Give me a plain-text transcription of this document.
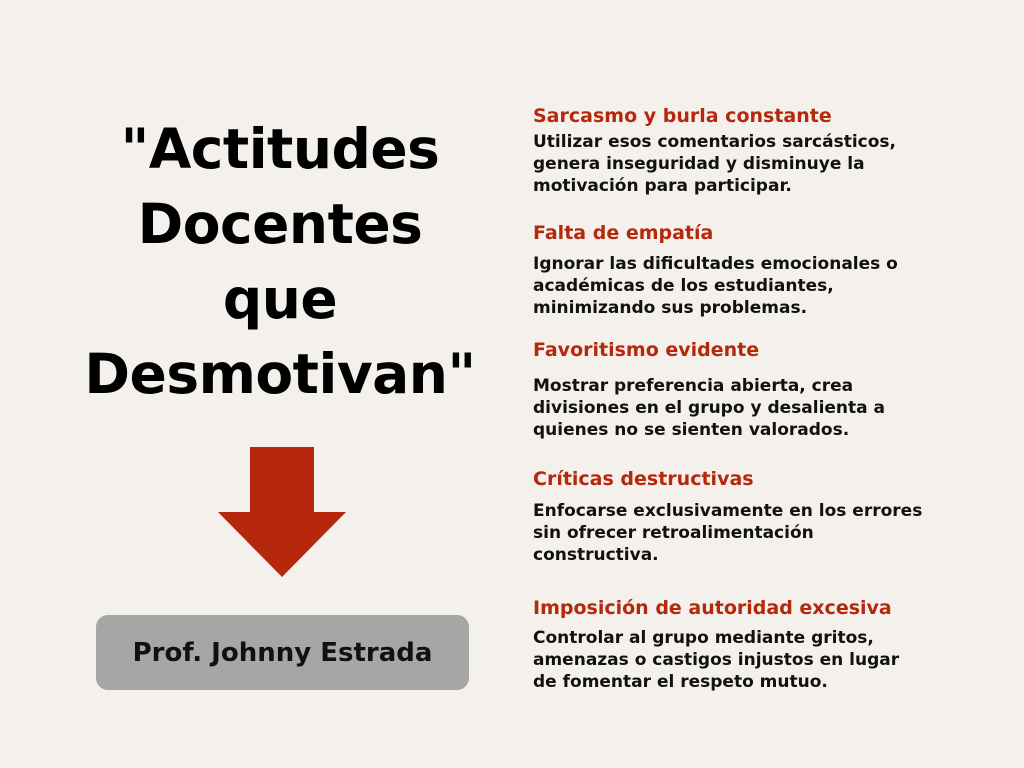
"Actitudes
Docentes
que
Desmotivan"
Prof. Johnny Estrada
Sarcasmo y burla constante

Utilizar esos comentarios sarcásticos,
genera inseguridad y disminuye la
motivación para participar.

Falta de empatía

Ignorar las dificultades emocionales o
académicas de los estudiantes,
minimizando sus problemas.

Favoritismo evidente

Mostrar preferencia abierta, crea
divisiones en el grupo y desalienta a
quienes no se sienten valorados.

Críticas destructivas

Enfocarse exclusivamente en los errores
sin ofrecer retroalimentación
constructiva.

Imposición de autoridad excesiva

Controlar al grupo mediante gritos,
amenazas o castigos injustos en lugar
de fomentar el respeto mutuo.
